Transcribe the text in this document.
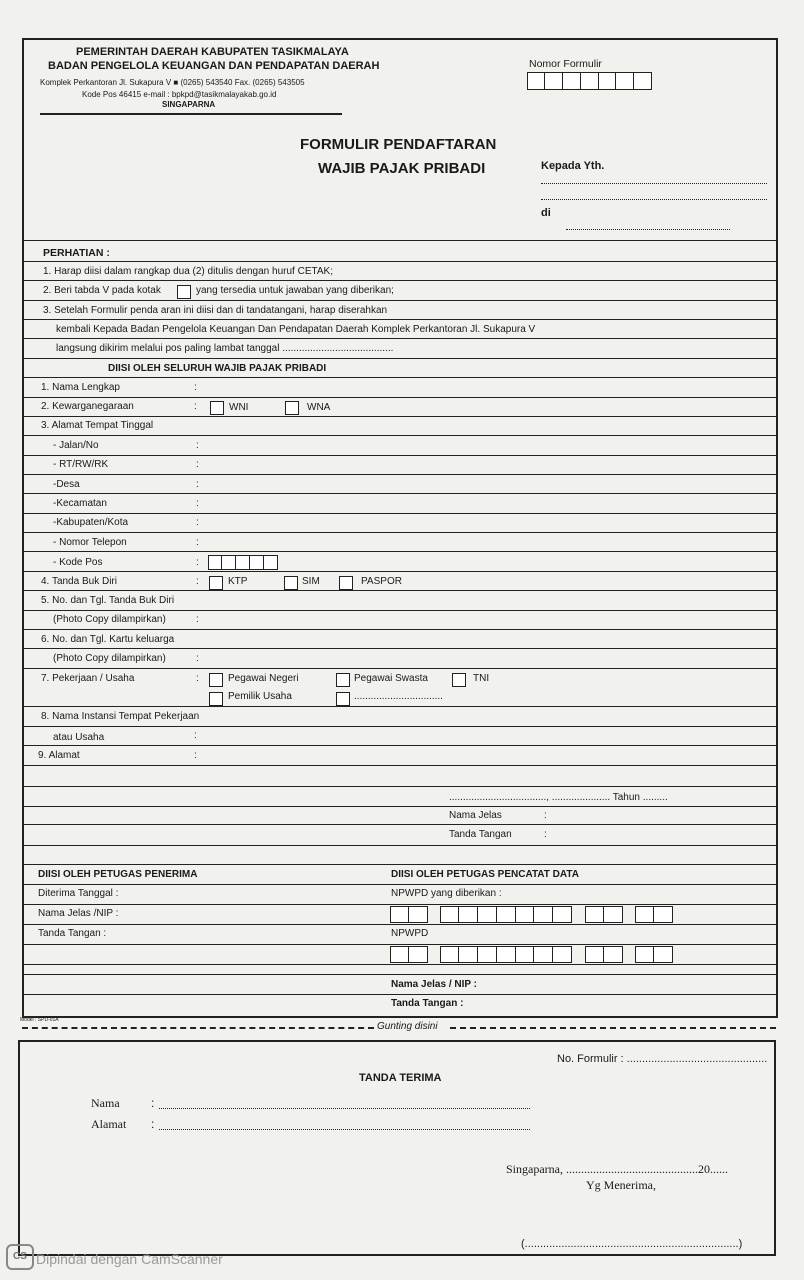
PEMERINTAH DAERAH KABUPATEN TASIKMALAYA
BADAN PENGELOLA KEUANGAN DAN PENDAPATAN DAERAH
Komplek Perkantoran Jl. Sukapura V ■ (0265) 543540 Fax. (0265) 543505
Kode Pos 46415 e-mail : bpkpd@tasikmalayakab.go.id
SINGAPARNA
Nomor Formulir
FORMULIR PENDAFTARAN
WAJIB PAJAK PRIBADI	Kepada Yth.
di
PERHATIAN :
1. Harap diisi dalam rangkap dua (2) ditulis dengan huruf CETAK;
2. Beri tabda V pada kotak	yang tersedia untuk jawaban yang diberikan;
3. Setelah Formulir penda aran ini diisi dan di tandatangani, harap diserahkan
kembali Kepada Badan Pengelola Keuangan Dan Pendapatan Daerah Komplek Perkantoran Jl. Sukapura V
langsung dikirim melalui pos paling lambat tanggal ........................................
DIISI OLEH SELURUH WAJIB PAJAK PRIBADI
1. Nama Lengkap	:
2. Kewarganegaraan	:	WNI	WNA
3. Alamat Tempat Tinggal
- Jalan/No	:
- RT/RW/RK	:
-Desa	:
-Kecamatan	:
-Kabupaten/Kota	:
- Nomor Telepon	:
- Kode Pos	:
4. Tanda Buk Diri	:	KTP	SIM	PASPOR
5. No. dan Tgl. Tanda Buk Diri
(Photo Copy dilampirkan)	:
6. No. dan Tgl. Kartu keluarga
(Photo Copy dilampirkan)	:
7. Pekerjaan / Usaha	:	Pegawai Negeri	Pegawai Swasta	TNI
Pemilik Usaha	................................
8. Nama Instansi Tempat Pekerjaan
atau Usaha	:
9. Alamat	:
..................................., ..................... Tahun .........
Nama Jelas	:
Tanda Tangan	:
DIISI OLEH PETUGAS PENERIMA	DIISI OLEH PETUGAS PENCATAT DATA
Diterima Tanggal :	NPWPD yang diberikan :
Nama Jelas /NIP :
Tanda Tangan :	NPWPD
Nama Jelas / NIP :
Tanda Tangan :
Model : SPD-01A
Gunting disini
No. Formulir : ..............................................
TANDA TERIMA
Nama	:
Alamat :
Singaparna, ............................................20......
Yg Menerima,
(......................................................................)
CS Dipindai dengan CamScanner
